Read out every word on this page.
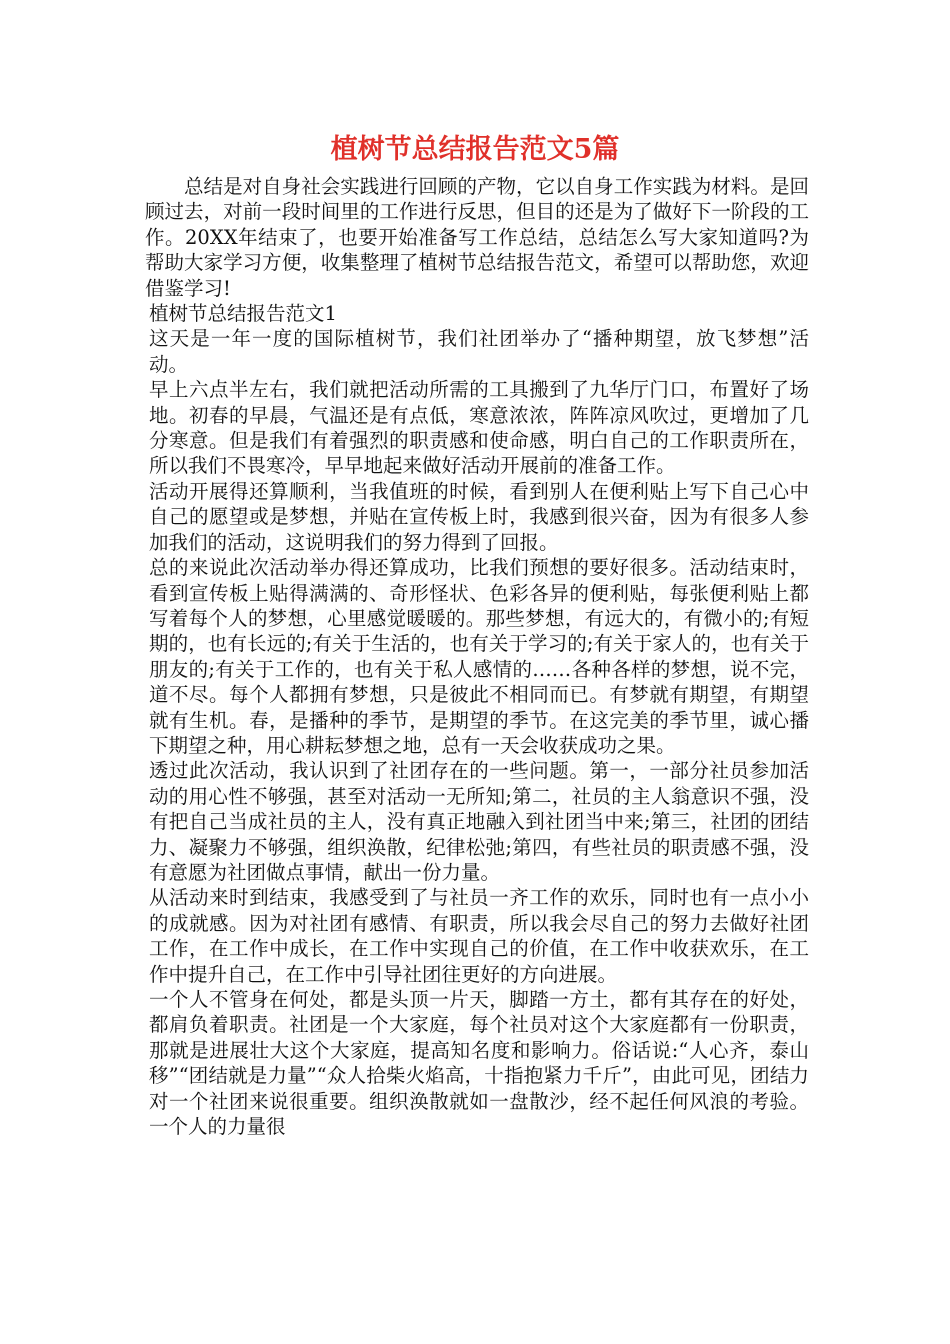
植树节总结报告范文5篇

总结是对自身社会实践进行回顾的产物，它以自身工作实践为材料。是回顾过去，对前一段时间里的工作进行反思，但目的还是为了做好下一阶段的工作。20XX年结束了，也要开始准备写工作总结，总结怎么写大家知道吗?为帮助大家学习方便，收集整理了植树节总结报告范文，希望可以帮助您，欢迎借鉴学习!

植树节总结报告范文1

这天是一年一度的国际植树节，我们社团举办了“播种期望，放飞梦想”活动。

早上六点半左右，我们就把活动所需的工具搬到了九华厅门口，布置好了场地。初春的早晨，气温还是有点低，寒意浓浓，阵阵凉风吹过，更增加了几分寒意。但是我们有着强烈的职责感和使命感，明白自己的工作职责所在，所以我们不畏寒冷，早早地起来做好活动开展前的准备工作。

活动开展得还算顺利，当我值班的时候，看到别人在便利贴上写下自己心中自己的愿望或是梦想，并贴在宣传板上时，我感到很兴奋，因为有很多人参加我们的活动，这说明我们的努力得到了回报。

总的来说此次活动举办得还算成功，比我们预想的要好很多。活动结束时，看到宣传板上贴得满满的、奇形怪状、色彩各异的便利贴，每张便利贴上都写着每个人的梦想，心里感觉暖暖的。那些梦想，有远大的，有微小的;有短期的，也有长远的;有关于生活的，也有关于学习的;有关于家人的，也有关于朋友的;有关于工作的，也有关于私人感情的……各种各样的梦想，说不完，道不尽。每个人都拥有梦想，只是彼此不相同而已。有梦就有期望，有期望就有生机。春，是播种的季节，是期望的季节。在这完美的季节里，诚心播下期望之种，用心耕耘梦想之地，总有一天会收获成功之果。

透过此次活动，我认识到了社团存在的一些问题。第一，一部分社员参加活动的用心性不够强，甚至对活动一无所知;第二，社员的主人翁意识不强，没有把自己当成社员的主人，没有真正地融入到社团当中来;第三，社团的团结力、凝聚力不够强，组织涣散，纪律松弛;第四，有些社员的职责感不强，没有意愿为社团做点事情，献出一份力量。

从活动来时到结束，我感受到了与社员一齐工作的欢乐，同时也有一点小小的成就感。因为对社团有感情、有职责，所以我会尽自己的努力去做好社团工作，在工作中成长，在工作中实现自己的价值，在工作中收获欢乐，在工作中提升自己，在工作中引导社团往更好的方向进展。

一个人不管身在何处，都是头顶一片天，脚踏一方土，都有其存在的好处，都肩负着职责。社团是一个大家庭，每个社员对这个大家庭都有一份职责，那就是进展壮大这个大家庭，提高知名度和影响力。俗话说:“人心齐，泰山移”“团结就是力量”“众人拾柴火焰高，十指抱紧力千斤”，由此可见，团结力对一个社团来说很重要。组织涣散就如一盘散沙，经不起任何风浪的考验。一个人的力量很
